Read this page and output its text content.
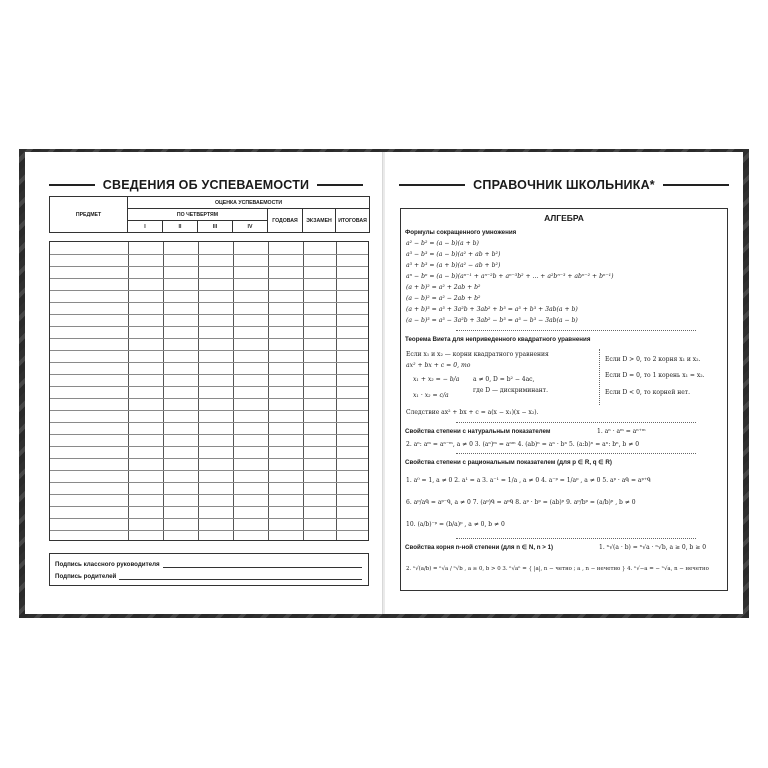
СВЕДЕНИЯ ОБ УСПЕВАЕМОСТИ
ПРЕДМЕТ	ОЦЕНКА УСПЕВАЕМОСТИ						
	ПО ЧЕТВЕРТЯМ				ГОДОВАЯ	ЭКЗАМЕН	ИТОГОВАЯ
	I	II	III	IV			
Подпись классного руководителя
Подпись родителей
СПРАВОЧНИК ШКОЛЬНИКА*
АЛГЕБРА
Формулы сокращенного умножения
a² − b² = (a − b)(a + b)
a³ − b³ = (a − b)(a² + ab + b²)
a³ + b³ = (a + b)(a² − ab + b²)
aⁿ − bⁿ = (a − b)(aⁿ⁻¹ + aⁿ⁻²b + aⁿ⁻³b² + ... + a²bⁿ⁻³ + abⁿ⁻² + bⁿ⁻¹)
(a + b)² = a² + 2ab + b²
(a − b)² = a² − 2ab + b²
(a + b)³ = a³ + 3a²b + 3ab² + b³ = a³ + b³ + 3ab(a + b)
(a − b)³ = a³ − 3a²b + 3ab² − b³ = a³ − b³ − 3ab(a − b)
Теорема Виета для неприведенного квадратного уравнения
Если x₁ и x₂ — корни квадратного уравнения
ax² + bx + c = 0, то
x₁ + x₂ = − b/a
x₁ · x₂ = c/a
a ≠ 0, D = b² − 4ac,
где D — дискриминант.
Следствие ax² + bx + c = a(x − x₁)(x − x₂).
Если D > 0, то 2 корня x₁ и x₂.
Если D = 0, то 1 корень x₁ = x₂.
Если D < 0, то корней нет.
Свойства степени с натуральным показателем	1. aⁿ · aᵐ = aⁿ⁺ᵐ
2. aⁿ: aᵐ = aⁿ⁻ᵐ, a ≠ 0 3. (aⁿ)ᵐ = aⁿᵐ 4. (ab)ⁿ = aⁿ · bⁿ 5. (a:b)ⁿ = aⁿ: bⁿ, b ≠ 0
Свойства степени с рациональным показателем (для p ∈ R, q ∈ R)
1. a⁰ = 1, a ≠ 0 2. a¹ = a 3. a⁻¹ = 1/a , a ≠ 0 4. a⁻ᵖ = 1/aᵖ , a ≠ 0 5. aᵖ · aᑫ = aᵖ⁺ᑫ
6. aᵖ/aᑫ = aᵖ⁻ᑫ, a ≠ 0 7. (aᵖ)ᑫ = aᵖᑫ 8. aᵖ · bᵖ = (ab)ᵖ 9. aᵖ/bᵖ = (a/b)ᵖ , b ≠ 0
10. (a/b)⁻ᵖ = (b/a)ᵖ , a ≠ 0, b ≠ 0
Свойства корня n-ной степени (для n ∈ N, n > 1)	1. ⁿ√(a · b) = ⁿ√a · ⁿ√b, a ≥ 0, b ≥ 0
2. ⁿ√(a/b) = ⁿ√a / ⁿ√b , a ≥ 0, b > 0 3. ⁿ√aⁿ = { |a|, n − четно ; a , n − нечетно } 4. ⁿ√−a = − ⁿ√a, n − нечетно
